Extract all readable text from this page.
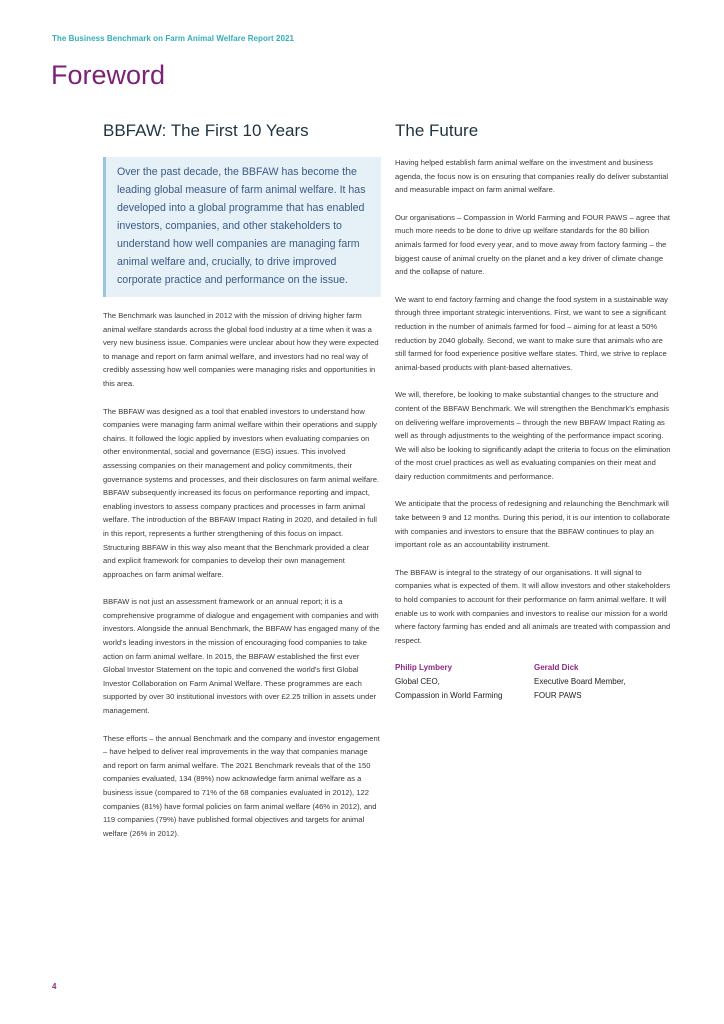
The Business Benchmark on Farm Animal Welfare Report 2021
Foreword
BBFAW: The First 10 Years
Over the past decade, the BBFAW has become the leading global measure of farm animal welfare. It has developed into a global programme that has enabled investors, companies, and other stakeholders to understand how well companies are managing farm animal welfare and, crucially, to drive improved corporate practice and performance on the issue.

The Benchmark was launched in 2012 with the mission of driving higher farm animal welfare standards across the global food industry at a time when it was a very new business issue. Companies were unclear about how they were expected to manage and report on farm animal welfare, and investors had no real way of credibly assessing how well companies were managing risks and opportunities in this area.

The BBFAW was designed as a tool that enabled investors to understand how companies were managing farm animal welfare within their operations and supply chains. It followed the logic applied by investors when evaluating companies on other environmental, social and governance (ESG) issues. This involved assessing companies on their management and policy commitments, their governance systems and processes, and their disclosures on farm animal welfare. BBFAW subsequently increased its focus on performance reporting and impact, enabling investors to assess company practices and processes in farm animal welfare. The introduction of the BBFAW Impact Rating in 2020, and detailed in full in this report, represents a further strengthening of this focus on impact. Structuring BBFAW in this way also meant that the Benchmark provided a clear and explicit framework for companies to develop their own management approaches on farm animal welfare.

BBFAW is not just an assessment framework or an annual report; it is a comprehensive programme of dialogue and engagement with companies and with investors. Alongside the annual Benchmark, the BBFAW has engaged many of the world's leading investors in the mission of encouraging food companies to take action on farm animal welfare. In 2015, the BBFAW established the first ever Global Investor Statement on the topic and convened the world's first Global Investor Collaboration on Farm Animal Welfare. These programmes are each supported by over 30 institutional investors with over £2.25 trillion in assets under management.

These efforts – the annual Benchmark and the company and investor engagement – have helped to deliver real improvements in the way that companies manage and report on farm animal welfare. The 2021 Benchmark reveals that of the 150 companies evaluated, 134 (89%) now acknowledge farm animal welfare as a business issue (compared to 71% of the 68 companies evaluated in 2012), 122 companies (81%) have formal policies on farm animal welfare (46% in 2012), and 119 companies (79%) have published formal objectives and targets for animal welfare (26% in 2012).

The Future

Having helped establish farm animal welfare on the investment and business agenda, the focus now is on ensuring that companies really do deliver substantial and measurable impact on farm animal welfare.

Our organisations – Compassion in World Farming and FOUR PAWS – agree that much more needs to be done to drive up welfare standards for the 80 billion animals farmed for food every year, and to move away from factory farming – the biggest cause of animal cruelty on the planet and a key driver of climate change and the collapse of nature.

We want to end factory farming and change the food system in a sustainable way through three important strategic interventions. First, we want to see a significant reduction in the number of animals farmed for food – aiming for at least a 50% reduction by 2040 globally. Second, we want to make sure that animals who are still farmed for food experience positive welfare states. Third, we strive to replace animal-based products with plant-based alternatives.

We will, therefore, be looking to make substantial changes to the structure and content of the BBFAW Benchmark. We will strengthen the Benchmark's emphasis on delivering welfare improvements – through the new BBFAW Impact Rating as well as through adjustments to the weighting of the performance impact scoring. We will also be looking to significantly adapt the criteria to focus on the elimination of the most cruel practices as well as evaluating companies on their meat and dairy reduction commitments and performance.

We anticipate that the process of redesigning and relaunching the Benchmark will take between 9 and 12 months. During this period, it is our intention to collaborate with companies and investors to ensure that the BBFAW continues to play an important role as an accountability instrument.

The BBFAW is integral to the strategy of our organisations. It will signal to companies what is expected of them. It will allow investors and other stakeholders to hold companies to account for their performance on farm animal welfare. It will enable us to work with companies and investors to realise our mission for a world where factory farming has ended and all animals are treated with compassion and respect.

Philip Lymbery
Global CEO,
Compassion in World Farming
Gerald Dick
Executive Board Member,
FOUR PAWS
4
